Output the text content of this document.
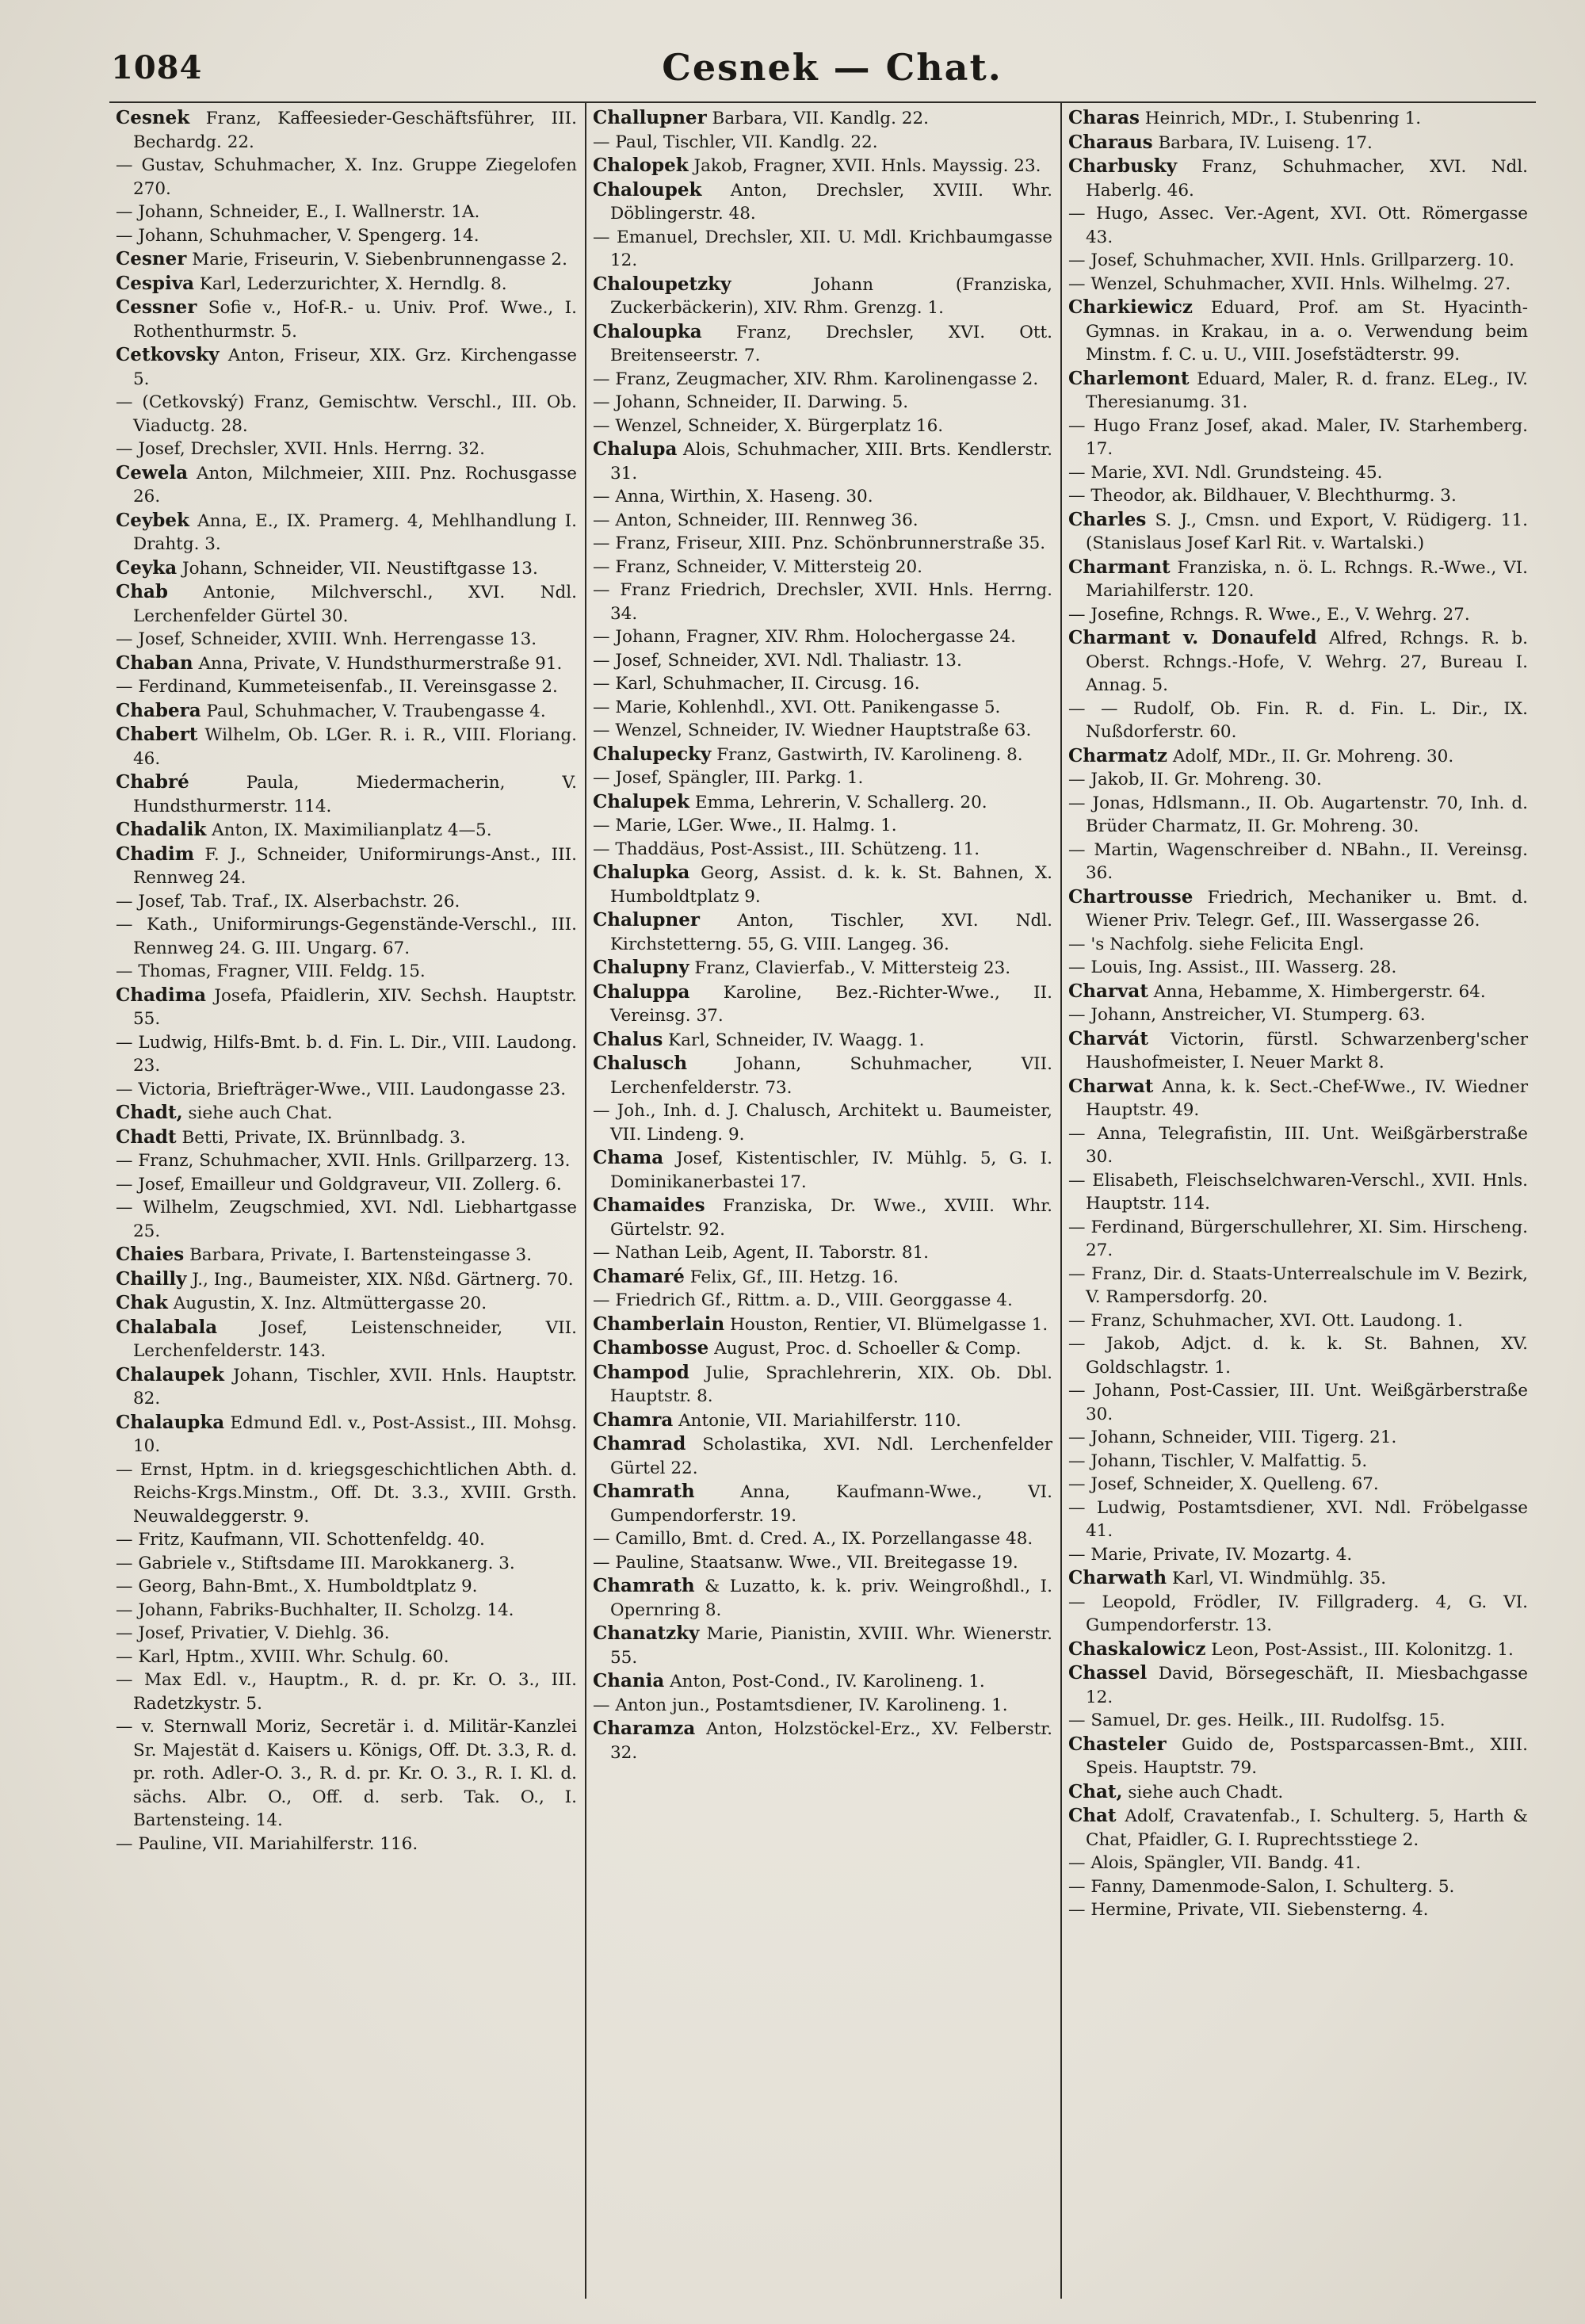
1084	Cesnek — Chat.

Cesnek Franz, Kaffeesieder-Geschäftsführer, III. Bechardg. 22.

— Gustav, Schuhmacher, X. Inz. Gruppe Ziegelofen 270.

— Johann, Schneider, E., I. Wallnerstr. 1A.

— Johann, Schuhmacher, V. Spengerg. 14.

Cesner Marie, Friseurin, V. Siebenbrunnengasse 2.

Cespiva Karl, Lederzurichter, X. Herndlg. 8.

Cessner Sofie v., Hof-R.- u. Univ. Prof. Wwe., I. Rothenthurmstr. 5.

Cetkovsky Anton, Friseur, XIX. Grz. Kirchengasse 5.

— (Cetkovský) Franz, Gemischtw. Verschl., III. Ob. Viaductg. 28.

— Josef, Drechsler, XVII. Hnls. Herrng. 32.

Cewela Anton, Milchmeier, XIII. Pnz. Rochusgasse 26.

Ceybek Anna, E., IX. Pramerg. 4, Mehlhandlung I. Drahtg. 3.

Ceyka Johann, Schneider, VII. Neustiftgasse 13.

Chab Antonie, Milchverschl., XVI. Ndl. Lerchenfelder Gürtel 30.

— Josef, Schneider, XVIII. Wnh. Herrengasse 13.

Chaban Anna, Private, V. Hundsthurmerstraße 91.

— Ferdinand, Kummeteisenfab., II. Vereinsgasse 2.

Chabera Paul, Schuhmacher, V. Traubengasse 4.

Chabert Wilhelm, Ob. LGer. R. i. R., VIII. Floriang. 46.

Chabré Paula, Miedermacherin, V. Hundsthurmerstr. 114.

Chadalik Anton, IX. Maximilianplatz 4—5.

Chadim F. J., Schneider, Uniformirungs-Anst., III. Rennweg 24.

— Josef, Tab. Traf., IX. Alserbachstr. 26.

— Kath., Uniformirungs-Gegenstände-Verschl., III. Rennweg 24. G. III. Ungarg. 67.

— Thomas, Fragner, VIII. Feldg. 15.

Chadima Josefa, Pfaidlerin, XIV. Sechsh. Hauptstr. 55.

— Ludwig, Hilfs-Bmt. b. d. Fin. L. Dir., VIII. Laudong. 23.

— Victoria, Briefträger-Wwe., VIII. Laudongasse 23.

Chadt, siehe auch Chat.

Chadt Betti, Private, IX. Brünnlbadg. 3.

— Franz, Schuhmacher, XVII. Hnls. Grillparzerg. 13.

— Josef, Emailleur und Goldgraveur, VII. Zollerg. 6.

— Wilhelm, Zeugschmied, XVI. Ndl. Liebhartgasse 25.

Chaies Barbara, Private, I. Bartensteingasse 3.

Chailly J., Ing., Baumeister, XIX. Nßd. Gärtnerg. 70.

Chak Augustin, X. Inz. Altmüttergasse 20.

Chalabala Josef, Leistenschneider, VII. Lerchenfelderstr. 143.

Chalaupek Johann, Tischler, XVII. Hnls. Hauptstr. 82.

Chalaupka Edmund Edl. v., Post-Assist., III. Mohsg. 10.

— Ernst, Hptm. in d. kriegsgeschichtlichen Abth. d. Reichs-Krgs.Minstm., Off. Dt. 3.3., XVIII. Grsth. Neuwaldeggerstr. 9.

— Fritz, Kaufmann, VII. Schottenfeldg. 40.

— Gabriele v., Stiftsdame III. Marokkanerg. 3.

— Georg, Bahn-Bmt., X. Humboldtplatz 9.

— Johann, Fabriks-Buchhalter, II. Scholzg. 14.

— Josef, Privatier, V. Diehlg. 36.

— Karl, Hptm., XVIII. Whr. Schulg. 60.

— Max Edl. v., Hauptm., R. d. pr. Kr. O. 3., III. Radetzkystr. 5.

— v. Sternwall Moriz, Secretär i. d. Militär-Kanzlei Sr. Majestät d. Kaisers u. Königs, Off. Dt. 3.3, R. d. pr. roth. Adler-O. 3., R. d. pr. Kr. O. 3., R. I. Kl. d. sächs. Albr. O., Off. d. serb. Tak. O., I. Bartensteing. 14.

— Pauline, VII. Mariahilferstr. 116.

Challupner Barbara, VII. Kandlg. 22.

— Paul, Tischler, VII. Kandlg. 22.

Chalopek Jakob, Fragner, XVII. Hnls. Mayssig. 23.

Chaloupek Anton, Drechsler, XVIII. Whr. Döblingerstr. 48.

— Emanuel, Drechsler, XII. U. Mdl. Krichbaumgasse 12.

Chaloupetzky Johann (Franziska, Zuckerbäckerin), XIV. Rhm. Grenzg. 1.

Chaloupka Franz, Drechsler, XVI. Ott. Breitenseerstr. 7.

— Franz, Zeugmacher, XIV. Rhm. Karolinengasse 2.

— Johann, Schneider, II. Darwing. 5.

— Wenzel, Schneider, X. Bürgerplatz 16.

Chalupa Alois, Schuhmacher, XIII. Brts. Kendlerstr. 31.

— Anna, Wirthin, X. Haseng. 30.

— Anton, Schneider, III. Rennweg 36.

— Franz, Friseur, XIII. Pnz. Schönbrunnerstraße 35.

— Franz, Schneider, V. Mittersteig 20.

— Franz Friedrich, Drechsler, XVII. Hnls. Herrng. 34.

— Johann, Fragner, XIV. Rhm. Holochergasse 24.

— Josef, Schneider, XVI. Ndl. Thaliastr. 13.

— Karl, Schuhmacher, II. Circusg. 16.

— Marie, Kohlenhdl., XVI. Ott. Panikengasse 5.

— Wenzel, Schneider, IV. Wiedner Hauptstraße 63.

Chalupecky Franz, Gastwirth, IV. Karolineng. 8.

— Josef, Spängler, III. Parkg. 1.

Chalupek Emma, Lehrerin, V. Schallerg. 20.

— Marie, LGer. Wwe., II. Halmg. 1.

— Thaddäus, Post-Assist., III. Schützeng. 11.

Chalupka Georg, Assist. d. k. k. St. Bahnen, X. Humboldtplatz 9.

Chalupner Anton, Tischler, XVI. Ndl. Kirchstetterng. 55, G. VIII. Langeg. 36.

Chalupny Franz, Clavierfab., V. Mittersteig 23.

Chaluppa Karoline, Bez.-Richter-Wwe., II. Vereinsg. 37.

Chalus Karl, Schneider, IV. Waagg. 1.

Chalusch Johann, Schuhmacher, VII. Lerchenfelderstr. 73.

— Joh., Inh. d. J. Chalusch, Architekt u. Baumeister, VII. Lindeng. 9.

Chama Josef, Kistentischler, IV. Mühlg. 5, G. I. Dominikanerbastei 17.

Chamaides Franziska, Dr. Wwe., XVIII. Whr. Gürtelstr. 92.

— Nathan Leib, Agent, II. Taborstr. 81.

Chamaré Felix, Gf., III. Hetzg. 16.

— Friedrich Gf., Rittm. a. D., VIII. Georggasse 4.

Chamberlain Houston, Rentier, VI. Blümelgasse 1.

Chambosse August, Proc. d. Schoeller & Comp.

Champod Julie, Sprachlehrerin, XIX. Ob. Dbl. Hauptstr. 8.

Chamra Antonie, VII. Mariahilferstr. 110.

Chamrad Scholastika, XVI. Ndl. Lerchenfelder Gürtel 22.

Chamrath Anna, Kaufmann-Wwe., VI. Gumpendorferstr. 19.

— Camillo, Bmt. d. Cred. A., IX. Porzellangasse 48.

— Pauline, Staatsanw. Wwe., VII. Breitegasse 19.

Chamrath & Luzatto, k. k. priv. Weingroßhdl., I. Opernring 8.

Chanatzky Marie, Pianistin, XVIII. Whr. Wienerstr. 55.

Chania Anton, Post-Cond., IV. Karolineng. 1.

— Anton jun., Postamtsdiener, IV. Karolineng. 1.

Charamza Anton, Holzstöckel-Erz., XV. Felberstr. 32.

Charas Heinrich, MDr., I. Stubenring 1.

Charaus Barbara, IV. Luiseng. 17.

Charbusky Franz, Schuhmacher, XVI. Ndl. Haberlg. 46.

— Hugo, Assec. Ver.-Agent, XVI. Ott. Römergasse 43.

— Josef, Schuhmacher, XVII. Hnls. Grillparzerg. 10.

— Wenzel, Schuhmacher, XVII. Hnls. Wilhelmg. 27.

Charkiewicz Eduard, Prof. am St. Hyacinth-Gymnas. in Krakau, in a. o. Verwendung beim Minstm. f. C. u. U., VIII. Josefstädterstr. 99.

Charlemont Eduard, Maler, R. d. franz. ELeg., IV. Theresianumg. 31.

— Hugo Franz Josef, akad. Maler, IV. Starhemberg. 17.

— Marie, XVI. Ndl. Grundsteing. 45.

— Theodor, ak. Bildhauer, V. Blechthurmg. 3.

Charles S. J., Cmsn. und Export, V. Rüdigerg. 11. (Stanislaus Josef Karl Rit. v. Wartalski.)

Charmant Franziska, n. ö. L. Rchngs. R.-Wwe., VI. Mariahilferstr. 120.

— Josefine, Rchngs. R. Wwe., E., V. Wehrg. 27.

Charmant v. Donaufeld Alfred, Rchngs. R. b. Oberst. Rchngs.-Hofe, V. Wehrg. 27, Bureau I. Annag. 5.

— — Rudolf, Ob. Fin. R. d. Fin. L. Dir., IX. Nußdorferstr. 60.

Charmatz Adolf, MDr., II. Gr. Mohreng. 30.

— Jakob, II. Gr. Mohreng. 30.

— Jonas, Hdlsmann., II. Ob. Augartenstr. 70, Inh. d. Brüder Charmatz, II. Gr. Mohreng. 30.

— Martin, Wagenschreiber d. NBahn., II. Vereinsg. 36.

Chartrousse Friedrich, Mechaniker u. Bmt. d. Wiener Priv. Telegr. Gef., III. Wassergasse 26.

— 's Nachfolg. siehe Felicita Engl.

— Louis, Ing. Assist., III. Wasserg. 28.

Charvat Anna, Hebamme, X. Himbergerstr. 64.

— Johann, Anstreicher, VI. Stumperg. 63.

Charvát Victorin, fürstl. Schwarzenberg'scher Haushofmeister, I. Neuer Markt 8.

Charwat Anna, k. k. Sect.-Chef-Wwe., IV. Wiedner Hauptstr. 49.

— Anna, Telegrafistin, III. Unt. Weißgärberstraße 30.

— Elisabeth, Fleischselchwaren-Verschl., XVII. Hnls. Hauptstr. 114.

— Ferdinand, Bürgerschullehrer, XI. Sim. Hirscheng. 27.

— Franz, Dir. d. Staats-Unterrealschule im V. Bezirk, V. Rampersdorfg. 20.

— Franz, Schuhmacher, XVI. Ott. Laudong. 1.

— Jakob, Adjct. d. k. k. St. Bahnen, XV. Goldschlagstr. 1.

— Johann, Post-Cassier, III. Unt. Weißgärberstraße 30.

— Johann, Schneider, VIII. Tigerg. 21.

— Johann, Tischler, V. Malfattig. 5.

— Josef, Schneider, X. Quelleng. 67.

— Ludwig, Postamtsdiener, XVI. Ndl. Fröbelgasse 41.

— Marie, Private, IV. Mozartg. 4.

Charwath Karl, VI. Windmühlg. 35.

— Leopold, Frödler, IV. Fillgraderg. 4, G. VI. Gumpendorferstr. 13.

Chaskalowicz Leon, Post-Assist., III. Kolonitzg. 1.

Chassel David, Börsegeschäft, II. Miesbachgasse 12.

— Samuel, Dr. ges. Heilk., III. Rudolfsg. 15.

Chasteler Guido de, Postsparcassen-Bmt., XIII. Speis. Hauptstr. 79.

Chat, siehe auch Chadt.

Chat Adolf, Cravatenfab., I. Schulterg. 5, Harth & Chat, Pfaidler, G. I. Ruprechtsstiege 2.

— Alois, Spängler, VII. Bandg. 41.

— Fanny, Damenmode-Salon, I. Schulterg. 5.

— Hermine, Private, VII. Siebensterng. 4.
